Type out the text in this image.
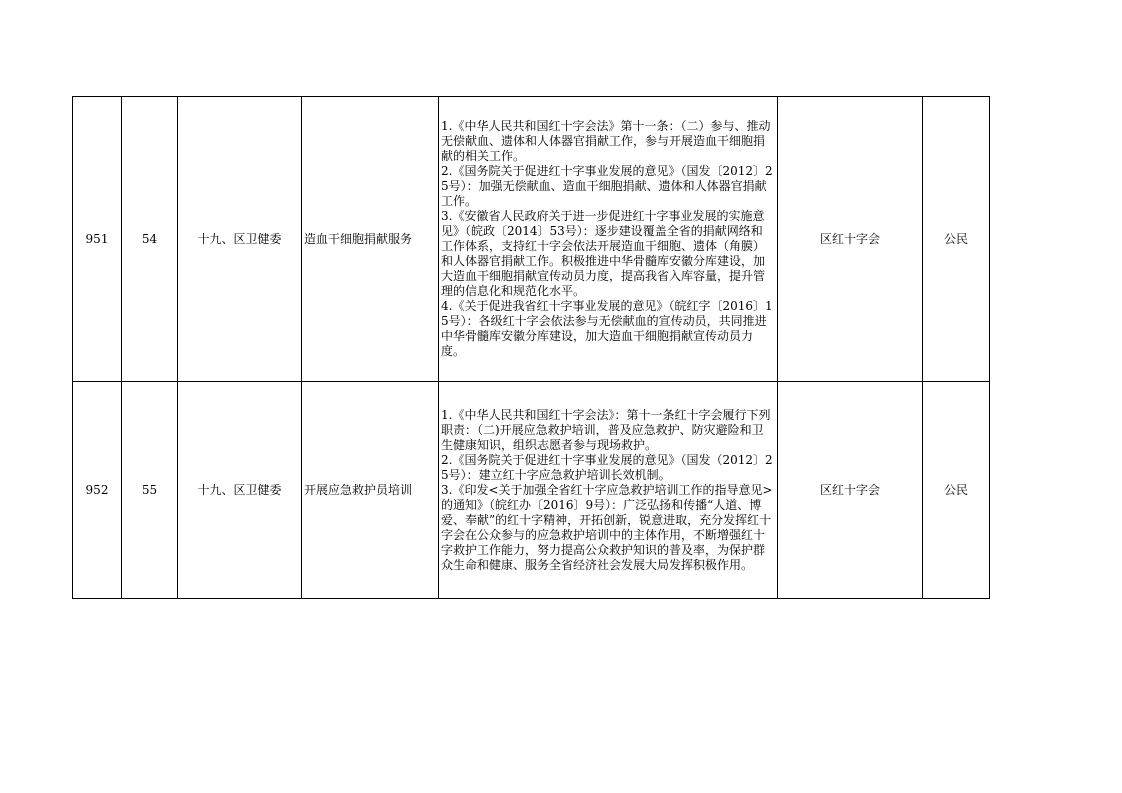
951	54	十九、区卫健委	造血干细胞捐献服务	1.《中华人民共和国红十字会法》第十一条：（二）参与、推动无偿献血、遗体和人体器官捐献工作，参与开展造血干细胞捐献的相关工作。
2.《国务院关于促进红十字事业发展的意见》（国发〔2012〕25号）：加强无偿献血、造血干细胞捐献、遗体和人体器官捐献工作。
3.《安徽省人民政府关于进一步促进红十字事业发展的实施意见》（皖政〔2014〕53号）：逐步建设覆盖全省的捐献网络和工作体系，支持红十字会依法开展造血干细胞、遗体（角膜）和人体器官捐献工作。积极推进中华骨髓库安徽分库建设，加大造血干细胞捐献宣传动员力度，提高我省入库容量，提升管理的信息化和规范化水平。
4.《关于促进我省红十字事业发展的意见》（皖红字〔2016〕15号）：各级红十字会依法参与无偿献血的宣传动员，共同推进中华骨髓库安徽分库建设，加大造血干细胞捐献宣传动员力度。	区红十字会	公民
952	55	十九、区卫健委	开展应急救护员培训	1.《中华人民共和国红十字会法》：第十一条红十字会履行下列职责：（二)开展应急救护培训，普及应急救护、防灾避险和卫生健康知识，组织志愿者参与现场救护。
2.《国务院关于促进红十字事业发展的意见》（国发（2012〕25号）：建立红十字应急救护培训长效机制。
3.《印发<关于加强全省红十字应急救护培训工作的指导意见>的通知》（皖红办〔2016〕9号）：广泛弘扬和传播“人道、博爱、奉献”的红十字精神，开拓创新，锐意进取，充分发挥红十字会在公众参与的应急救护培训中的主体作用，不断增强红十字救护工作能力，努力提高公众救护知识的普及率，为保护群众生命和健康、服务全省经济社会发展大局发挥积极作用。	区红十字会	公民
